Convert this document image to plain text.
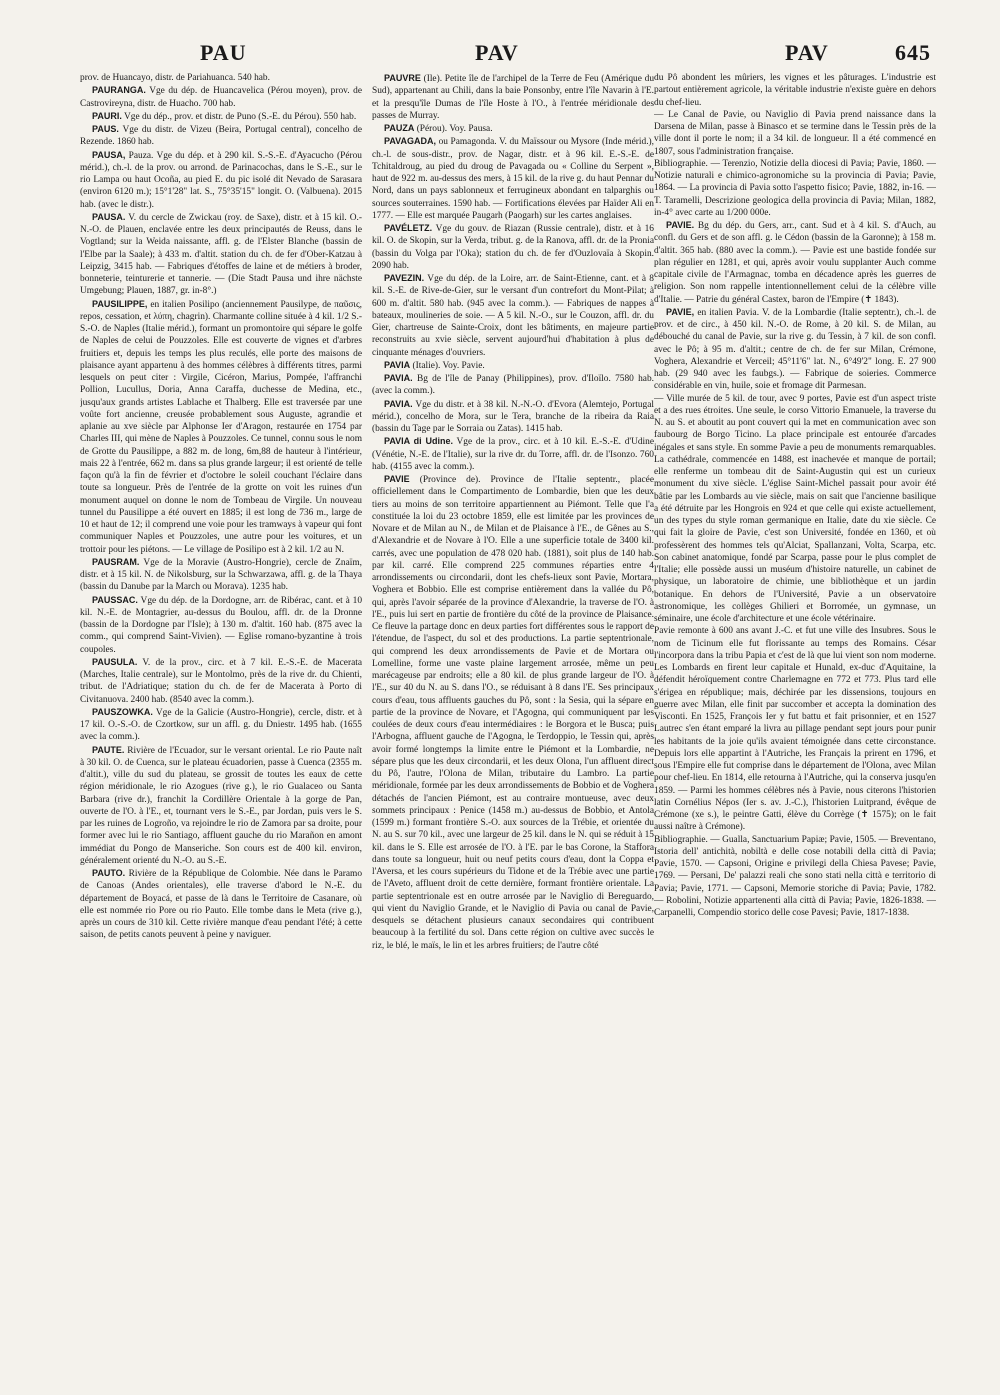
PAU	PAV	PAV	645

prov. de Huancayo, distr. de Pariahuanca. 540 hab.

PAURANGA. Vge du dép. de Huancavelica (Pérou moyen), prov. de Castrovireyna, distr. de Huacho. 700 hab.

PAURI. Vge du dép., prov. et distr. de Puno (S.-E. du Pérou). 550 hab.

PAUS. Vge du distr. de Vizeu (Beira, Portugal central), concelho de Rezende. 1860 hab.

PAUSA, Pauza. Vge du dép. et à 290 kil. S.-S.-E. d'Ayacucho (Pérou mérid.), ch.-l. de la prov. ou arrond. de Parinacochas, dans le S.-E., sur le rio Lampa ou haut Ocoña, au pied E. du pic isolé dit Nevado de Sarasara (environ 6120 m.); 15°1'28" lat. S., 75°35'15" longit. O. (Valbuena). 2015 hab. (avec le distr.).

PAUSA. V. du cercle de Zwickau (roy. de Saxe), distr. et à 15 kil. O.-N.-O. de Plauen, enclavée entre les deux principautés de Reuss, dans le Vogtland; sur la Weida naissante, affl. g. de l'Elster Blanche (bassin de l'Elbe par la Saale); à 433 m. d'altit. station du ch. de fer d'Ober-Katzau à Leipzig, 3415 hab. — Fabriques d'étoffes de laine et de métiers à broder, bonneterie, teinturerie et tannerie. — (Die Stadt Pausa und ihre nächste Umgebung; Plauen, 1887, gr. in-8°.)

PAUSILIPPE, en italien Posilipo (anciennement Pausilype, de παῦσις, repos, cessation, et λύπη, chagrin). Charmante colline située à 4 kil. 1/2 S.-S.-O. de Naples (Italie mérid.), formant un promontoire qui sépare le golfe de Naples de celui de Pouzzoles. Elle est couverte de vignes et d'arbres fruitiers et, depuis les temps les plus reculés, elle porte des maisons de plaisance ayant appartenu à des hommes célèbres à différents titres, parmi lesquels on peut citer : Virgile, Cicéron, Marius, Pompée, l'affranchi Pollion, Lucullus, Doria, Anna Caraffa, duchesse de Medina, etc., jusqu'aux grands artistes Lablache et Thalberg. Elle est traversée par une voûte fort ancienne, creusée probablement sous Auguste, agrandie et aplanie au xve siècle par Alphonse Ier d'Aragon, restaurée en 1754 par Charles III, qui mène de Naples à Pouzzoles. Ce tunnel, connu sous le nom de Grotte du Pausilippe, a 882 m. de long, 6m,88 de hauteur à l'intérieur, mais 22 à l'entrée, 662 m. dans sa plus grande largeur; il est orienté de telle façon qu'à la fin de février et d'octobre le soleil couchant l'éclaire dans toute sa longueur. Près de l'entrée de la grotte on voit les ruines d'un monument auquel on donne le nom de Tombeau de Virgile. Un nouveau tunnel du Pausilippe a été ouvert en 1885; il est long de 736 m., large de 10 et haut de 12; il comprend une voie pour les tramways à vapeur qui font communiquer Naples et Pouzzoles, une autre pour les voitures, et un trottoir pour les piétons. — Le village de Posilipo est à 2 kil. 1/2 au N.

PAUSRAM. Vge de la Moravie (Austro-Hongrie), cercle de Znaïm, distr. et à 15 kil. N. de Nikolsburg, sur la Schwarzawa, affl. g. de la Thaya (bassin du Danube par la March ou Morava). 1235 hab.

PAUSSAC. Vge du dép. de la Dordogne, arr. de Ribérac, cant. et à 10 kil. N.-E. de Montagrier, au-dessus du Boulou, affl. dr. de la Dronne (bassin de la Dordogne par l'Isle); à 130 m. d'altit. 160 hab. (875 avec la comm., qui comprend Saint-Vivien). — Eglise romano-byzantine à trois coupoles.

PAUSULA. V. de la prov., circ. et à 7 kil. E.-S.-E. de Macerata (Marches, Italie centrale), sur le Montolmo, près de la rive dr. du Chienti, tribut. de l'Adriatique; station du ch. de fer de Macerata à Porto di Civitanuova. 2400 hab. (8540 avec la comm.).

PAUSZOWKA. Vge de la Galicie (Austro-Hongrie), cercle, distr. et à 17 kil. O.-S.-O. de Czortkow, sur un affl. g. du Dniestr. 1495 hab. (1655 avec la comm.).

PAUTE. Rivière de l'Ecuador, sur le versant oriental. Le rio Paute naît à 30 kil. O. de Cuenca, sur le plateau écuadorien, passe à Cuenca (2355 m. d'altit.), ville du sud du plateau, se grossit de toutes les eaux de cette région méridionale, le rio Azogues (rive g.), le rio Gualaceo ou Santa Barbara (rive dr.), franchit la Cordillère Orientale à la gorge de Pan, ouverte de l'O. à l'E., et, tournant vers le S.-E., par Jordan, puis vers le S. par les ruines de Logroño, va rejoindre le rio de Zamora par sa droite, pour former avec lui le rio Santiago, affluent gauche du rio Marañon en amont immédiat du Pongo de Manseriche. Son cours est de 400 kil. environ, généralement orienté du N.-O. au S.-E.

PAUTO. Rivière de la République de Colombie. Née dans le Paramo de Canoas (Andes orientales), elle traverse d'abord le N.-E. du département de Boyacá, et passe de là dans le Territoire de Casanare, où elle est nommée rio Pore ou rio Pauto. Elle tombe dans le Meta (rive g.), après un cours de 310 kil. Cette rivière manque d'eau pendant l'été; à cette saison, de petits canots peuvent à peine y naviguer.

PAUVRE (Ile). Petite île de l'archipel de la Terre de Feu (Amérique du Sud), appartenant au Chili, dans la baie Ponsonby, entre l'île Navarin à l'E. et la presqu'île Dumas de l'île Hoste à l'O., à l'entrée méridionale des passes de Murray.

PAUZA (Pérou). Voy. Pausa.

PAVAGADA, ou Pamagonda. V. du Maïssour ou Mysore (Inde mérid.), ch.-l. de sous-distr., prov. de Nagar, distr. et à 96 kil. E.-S.-E. de Tchitaldroug, au pied du droug de Pavagada ou « Colline du Serpent », haut de 922 m. au-dessus des mers, à 15 kil. de la rive g. du haut Pennar du Nord, dans un pays sablonneux et ferrugineux abondant en talparghis ou sources souterraines. 1590 hab. — Fortifications élevées par Haïder Ali en 1777. — Elle est marquée Paugarh (Paogarh) sur les cartes anglaises.

PAVÉLETZ. Vge du gouv. de Riazan (Russie centrale), distr. et à 16 kil. O. de Skopin, sur la Verda, tribut. g. de la Ranova, affl. dr. de la Pronia (bassin du Volga par l'Oka); station du ch. de fer d'Ouzlovaïa à Skopin. 2090 hab.

PAVEZIN. Vge du dép. de la Loire, arr. de Saint-Etienne, cant. et à 8 kil. S.-E. de Rive-de-Gier, sur le versant d'un contrefort du Mont-Pilat; à 600 m. d'altit. 580 hab. (945 avec la comm.). — Fabriques de nappes à bateaux, moulineries de soie. — A 5 kil. N.-O., sur le Couzon, affl. dr. du Gier, chartreuse de Sainte-Croix, dont les bâtiments, en majeure partie reconstruits au xvie siècle, servent aujourd'hui d'habitation à plus de cinquante ménages d'ouvriers.

PAVIA (Italie). Voy. Pavie.

PAVIA. Bg de l'île de Panay (Philippines), prov. d'Iloïlo. 7580 hab. (avec la comm.).

PAVIA. Vge du distr. et à 38 kil. N.-N.-O. d'Evora (Alemtejo, Portugal mérid.), concelho de Mora, sur le Tera, branche de la ribeira da Raia (bassin du Tage par le Sorraia ou Zatas). 1415 hab.

PAVIA di Udine. Vge de la prov., circ. et à 10 kil. E.-S.-E. d'Udine (Vénétie, N.-E. de l'Italie), sur la rive dr. du Torre, affl. dr. de l'Isonzo. 760 hab. (4155 avec la comm.).

PAVIE (Province de). Province de l'Italie septentr., placée officiellement dans le Compartimento de Lombardie, bien que les deux tiers au moins de son territoire appartiennent au Piémont. Telle que l'a constituée la loi du 23 octobre 1859, elle est limitée par les provinces de Novare et de Milan au N., de Milan et de Plaisance à l'E., de Gênes au S., d'Alexandrie et de Novare à l'O. Elle a une superficie totale de 3400 kil. carrés, avec une population de 478 020 hab. (1881), soit plus de 140 hab. par kil. carré. Elle comprend 225 communes réparties entre 4 arrondissements ou circondarii, dont les chefs-lieux sont Pavie, Mortara, Voghera et Bobbio. Elle est comprise entièrement dans la vallée du Pô, qui, après l'avoir séparée de la province d'Alexandrie, la traverse de l'O. à l'E., puis lui sert en partie de frontière du côté de la province de Plaisance. Ce fleuve la partage donc en deux parties fort différentes sous le rapport de l'étendue, de l'aspect, du sol et des productions. La partie septentrionale, qui comprend les deux arrondissements de Pavie et de Mortara ou Lomelline, forme une vaste plaine largement arrosée, même un peu marécageuse par endroits; elle a 80 kil. de plus grande largeur de l'O. à l'E., sur 40 du N. au S. dans l'O., se réduisant à 8 dans l'E. Ses principaux cours d'eau, tous affluents gauches du Pô, sont : la Sesia, qui la sépare en partie de la province de Novare, et l'Agogna, qui communiquent par les coulées de deux cours d'eau intermédiaires : le Borgora et le Busca; puis l'Arbogna, affluent gauche de l'Agogna, le Terdoppio, le Tessin qui, après avoir formé longtemps la limite entre le Piémont et la Lombardie, ne sépare plus que les deux circondarii, et les deux Olona, l'un affluent direct du Pô, l'autre, l'Olona de Milan, tributaire du Lambro. La partie méridionale, formée par les deux arrondissements de Bobbio et de Voghera détachés de l'ancien Piémont, est au contraire montueuse, avec deux sommets principaux : Penice (1458 m.) au-dessus de Bobbio, et Antola (1599 m.) formant frontière S.-O. aux sources de la Trébie, et orientée du N. au S. sur 70 kil., avec une largeur de 25 kil. dans le N. qui se réduit à 15 kil. dans le S. Elle est arrosée de l'O. à l'E. par le bas Corone, la Staffora dans toute sa longueur, huit ou neuf petits cours d'eau, dont la Coppa et l'Aversa, et les cours supérieurs du Tidone et de la Trébie avec une partie de l'Aveto, affluent droit de cette dernière, formant frontière orientale. La partie septentrionale est en outre arrosée par le Naviglio di Bereguardo, qui vient du Naviglio Grande, et le Naviglio di Pavia ou canal de Pavie, desquels se détachent plusieurs canaux secondaires qui contribuent beaucoup à la fertilité du sol. Dans cette région on cultive avec succès le riz, le blé, le maïs, le lin et les arbres fruitiers; de l'autre côté

du Pô abondent les mûriers, les vignes et les pâturages. L'industrie est partout entièrement agricole, la véritable industrie n'existe guère en dehors du chef-lieu.

— Le Canal de Pavie, ou Naviglio di Pavia prend naissance dans la Darsena de Milan, passe à Binasco et se termine dans le Tessin près de la ville dont il porte le nom; il a 34 kil. de longueur. Il a été commencé en 1807, sous l'administration française.

Bibliographie. — Terenzio, Notizie della diocesi di Pavia; Pavie, 1860. — Notizie naturali e chimico-agronomiche su la provincia di Pavia; Pavie, 1864. — La provincia di Pavia sotto l'aspetto fisico; Pavie, 1882, in-16. — T. Taramelli, Descrizione geologica della provincia di Pavia; Milan, 1882, in-4° avec carte au 1/200 000e.

PAVIE. Bg du dép. du Gers, arr., cant. Sud et à 4 kil. S. d'Auch, au confl. du Gers et de son affl. g. le Cédon (bassin de la Garonne); à 158 m. d'altit. 365 hab. (880 avec la comm.). — Pavie est une bastide fondée sur plan régulier en 1281, et qui, après avoir voulu supplanter Auch comme capitale civile de l'Armagnac, tomba en décadence après les guerres de religion. Son nom rappelle intentionnellement celui de la célèbre ville d'Italie. — Patrie du général Castex, baron de l'Empire (✝ 1843).

PAVIE, en italien Pavia. V. de la Lombardie (Italie septentr.), ch.-l. de prov. et de circ., à 450 kil. N.-O. de Rome, à 20 kil. S. de Milan, au débouché du canal de Pavie, sur la rive g. du Tessin, à 7 kil. de son confl. avec le Pô; à 95 m. d'altit.; centre de ch. de fer sur Milan, Crémone, Voghera, Alexandrie et Verceil; 45°11'6" lat. N., 6°49'2" long. E. 27 900 hab. (29 940 avec les faubgs.). — Fabrique de soieries. Commerce considérable en vin, huile, soie et fromage dit Parmesan.

— Ville murée de 5 kil. de tour, avec 9 portes, Pavie est d'un aspect triste et a des rues étroites. Une seule, le corso Vittorio Emanuele, la traverse du N. au S. et aboutit au pont couvert qui la met en communication avec son faubourg de Borgo Ticino. La place principale est entourée d'arcades inégales et sans style. En somme Pavie a peu de monuments remarquables. La cathédrale, commencée en 1488, est inachevée et manque de portail; elle renferme un tombeau dit de Saint-Augustin qui est un curieux monument du xive siècle. L'église Saint-Michel passait pour avoir été bâtie par les Lombards au vie siècle, mais on sait que l'ancienne basilique a été détruite par les Hongrois en 924 et que celle qui existe actuellement, un des types du style roman germanique en Italie, date du xie siècle. Ce qui fait la gloire de Pavie, c'est son Université, fondée en 1360, et où professèrent des hommes tels qu'Alciat, Spallanzani, Volta, Scarpa, etc. Son cabinet anatomique, fondé par Scarpa, passe pour le plus complet de l'Italie; elle possède aussi un muséum d'histoire naturelle, un cabinet de physique, un laboratoire de chimie, une bibliothèque et un jardin botanique. En dehors de l'Université, Pavie a un observatoire astronomique, les collèges Ghilieri et Borromée, un gymnase, un séminaire, une école d'architecture et une école vétérinaire.

Pavie remonte à 600 ans avant J.-C. et fut une ville des Insubres. Sous le nom de Ticinum elle fut florissante au temps des Romains. César l'incorpora dans la tribu Papia et c'est de là que lui vient son nom moderne. Les Lombards en firent leur capitale et Hunald, ex-duc d'Aquitaine, la défendit héroïquement contre Charlemagne en 772 et 773. Plus tard elle s'érigea en république; mais, déchirée par les dissensions, toujours en guerre avec Milan, elle finit par succomber et accepta la domination des Visconti. En 1525, François Ier y fut battu et fait prisonnier, et en 1527 Lautrec s'en étant emparé la livra au pillage pendant sept jours pour punir les habitants de la joie qu'ils avaient témoignée dans cette circonstance. Depuis lors elle appartint à l'Autriche, les Français la prirent en 1796, et sous l'Empire elle fut comprise dans le département de l'Olona, avec Milan pour chef-lieu. En 1814, elle retourna à l'Autriche, qui la conserva jusqu'en 1859. — Parmi les hommes célèbres nés à Pavie, nous citerons l'historien latin Cornélius Népos (Ier s. av. J.-C.), l'historien Luitprand, évêque de Crémone (xe s.), le peintre Gatti, élève du Corrège (✝ 1575); on le fait aussi naître à Crémone).

Bibliographie. — Gualla, Sanctuarium Papiæ; Pavie, 1505. — Breventano, Istoria dell' antichità, nobiltà e delle cose notabili della città di Pavia; Pavie, 1570. — Capsoni, Origine e privilegi della Chiesa Pavese; Pavie, 1769. — Persani, De' palazzi reali che sono stati nella città e territorio di Pavia; Pavie, 1771. — Capsoni, Memorie storiche di Pavia; Pavie, 1782. — Robolini, Notizie appartenenti alla città di Pavia; Pavie, 1826-1838. — Carpanelli, Compendio storico delle cose Pavesi; Pavie, 1817-1838.
